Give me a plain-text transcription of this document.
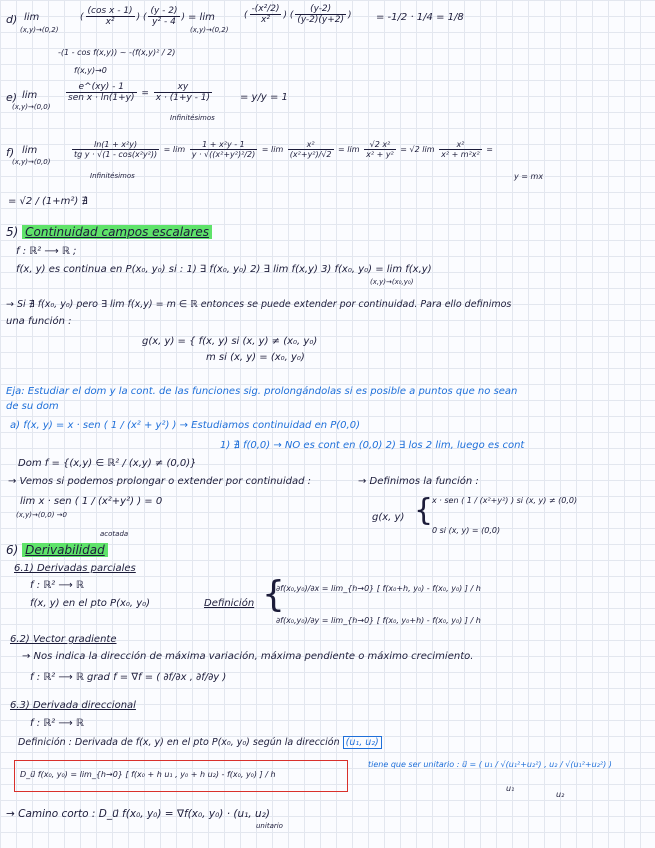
d) lim
(x,y)→(0,2)
( $\frac{\text{(cos x - 1)}}{\text{x²}}$ ) ( $\frac{(y - 2)}{\text{y² - 4}}$ ) = lim
(x,y)→(0,2)
( $\frac{\text{-(x²/2)}}{\text{x²}}$ ) ( $\frac{(y-2)}{(y-2)(y+2)}$ ) = -1/2 · 1/4 = 1/8
-(1 - cos f(x,y)) ~ -(f(x,y)² / 2)
f(x,y)→0
e) lim
(x,y)→(0,0)
$\frac{e\^{}(xy) - 1}{\text{sen x · ln(1+y)}} = \frac{xy}{x \cdot (1+y - 1)}$	= y/y = 1
Infinitésimos
f) lim
(x,y)→(0,0)
$\frac{\text{ln(1 + x²y)}}{\text{tg y · √(1 - cos(x²y²))}} = \lim \frac{\text{1 + x²y - 1}}{\text{y · √((x²+y²)²/2)}} = \lim \frac{\text{x²}}{\text{(x²+y²)/√2}} = \lim \frac{\text{√2 x²}}{\text{x² + y²}} = √2$ $\lim \frac{\text{x²}}{\text{x² + m²x²}}$ =
Infinitésimos	y = mx
= √2 / (1+m²) ∄
5) Continuidad campos escalares
f : ℝ² ⟶ ℝ ;
f(x, y) es continua en P(x₀, y₀) si : 1) ∃ f(x₀, y₀) 2) ∃ lim f(x,y) 3) f(x₀, y₀) = lim f(x,y)
(x,y)→(x₀,y₀)
→ Si ∄ f(x₀, y₀) pero ∃ lim f(x,y) = m ∈ ℝ entonces se puede extender por continuidad. Para ello definimos
una función :
g(x, y) = { f(x, y) si (x, y) ≠ (x₀, y₀)
m si (x, y) = (x₀, y₀)
Eja: Estudiar el dom y la cont. de las funciones sig. prolongándolas si es posible a puntos que no sean
de su dom
a) f(x, y) = x · sen ( 1 / (x² + y²) ) → Estudiamos continuidad en P(0,0)
1) ∄ f(0,0) → NO es cont en (0,0) 2) ∃ los 2 lim, luego es cont
Dom f = {(x,y) ∈ ℝ² / (x,y) ≠ (0,0)}
→ Vemos si podemos prolongar o extender por continuidad :	→ Definimos la función :
lim x · sen ( 1 / (x²+y²) ) = 0
(x,y)→(0,0) →0
acotada
g(x, y) {
x · sen ( 1 / (x²+y²) ) si (x, y) ≠ (0,0)
0 si (x, y) = (0,0)
6) Derivabilidad
6.1) Derivadas parciales
f : ℝ² ⟶ ℝ
f(x, y) en el pto P(x₀, y₀)	Definición {
∂f(x₀,y₀)/∂x = lim_{h→0} [ f(x₀+h, y₀) - f(x₀, y₀) ] / h
∂f(x₀,y₀)/∂y = lim_{h→0} [ f(x₀, y₀+h) - f(x₀, y₀) ] / h
6.2) Vector gradiente
→ Nos indica la dirección de máxima variación, máxima pendiente o máximo crecimiento.
f : ℝ² ⟶ ℝ grad f = ∇f = ( ∂f/∂x , ∂f/∂y )
6.3) Derivada direccional
f : ℝ² ⟶ ℝ
Definición : Derivada de f(x, y) en el pto P(x₀, y₀) según la dirección (u₁, u₂)
tiene que ser unitario : u⃗ = ( u₁ / √(u₁²+u₂²) , u₂ / √(u₁²+u₂²) )
u₁
u₂
D_u⃗ f(x₀, y₀) = lim_{h→0} [ f(x₀ + h u₁ , y₀ + h u₂) - f(x₀, y₀) ] / h
→ Camino corto : D_u⃗ f(x₀, y₀) = ∇f(x₀, y₀) · (u₁, u₂)
unitario
